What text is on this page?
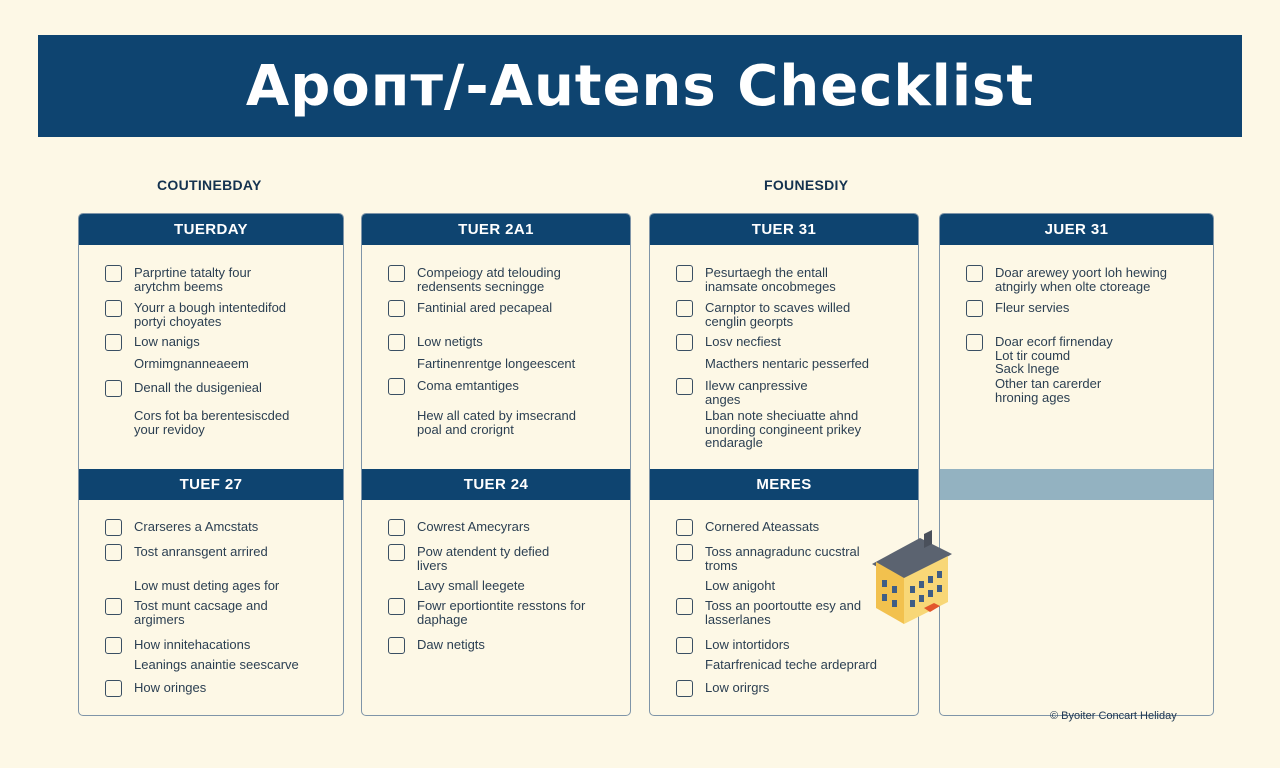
Apoпт/-Autens Checklist
COUTINEBDAY	FOUNESDIY
TUERDAY
Parprtine tatalty four
arytchm beems
Yourr a bough intentedifod
portyi choyates
Low nanigs
Ormimgnanneaeem
Denall the dusigenieal
Cors fot ba berentesiscded
your revidoy
TUEF 27
Crarseres a Amcstats
Tost anransgent arrired
Low must deting ages for
Tost munt cacsage and
argimers
How innitehacations
Leanings anaintie seescarve
How oringes
TUER 2A1
Compeiogy atd telouding
redensents secningge
Fantinial ared pecapeal
Low netigts
Fartinenrentge longeescent
Coma emtantiges
Hew all cated by imsecrand
poal and crorignt
TUER 24
Cowrest Amecyrars
Pow atendent ty defied
livers
Lavy small leegete
Fowr eportiontite resstons for
daphage
Daw netigts
TUER 31
Pesurtaegh the entall
inamsate oncobmeges
Carnptor to scaves willed
cenglin georpts
Losv necfiest
Macthers nentaric pesserfed
Ilevw canpressive
anges
Lban note sheciuatte ahnd
unording congineent prikey
endaragle
MERES
Cornered Ateassats
Toss annagradunc cucstral
troms
Low anigoht
Toss an poortoutte esy and
lasserlanes
Low intortidors
Fatarfrenicad teche ardeprard
Low orirgrs
JUER 31
Doar arewey yoort loh hewing
atngirly when olte ctoreage
Fleur servies
Doar ecorf firnenday
Lot tir coumd
Sack lnege
Other tan carerder
hroning ages
© Byoiter Concart Heliday
